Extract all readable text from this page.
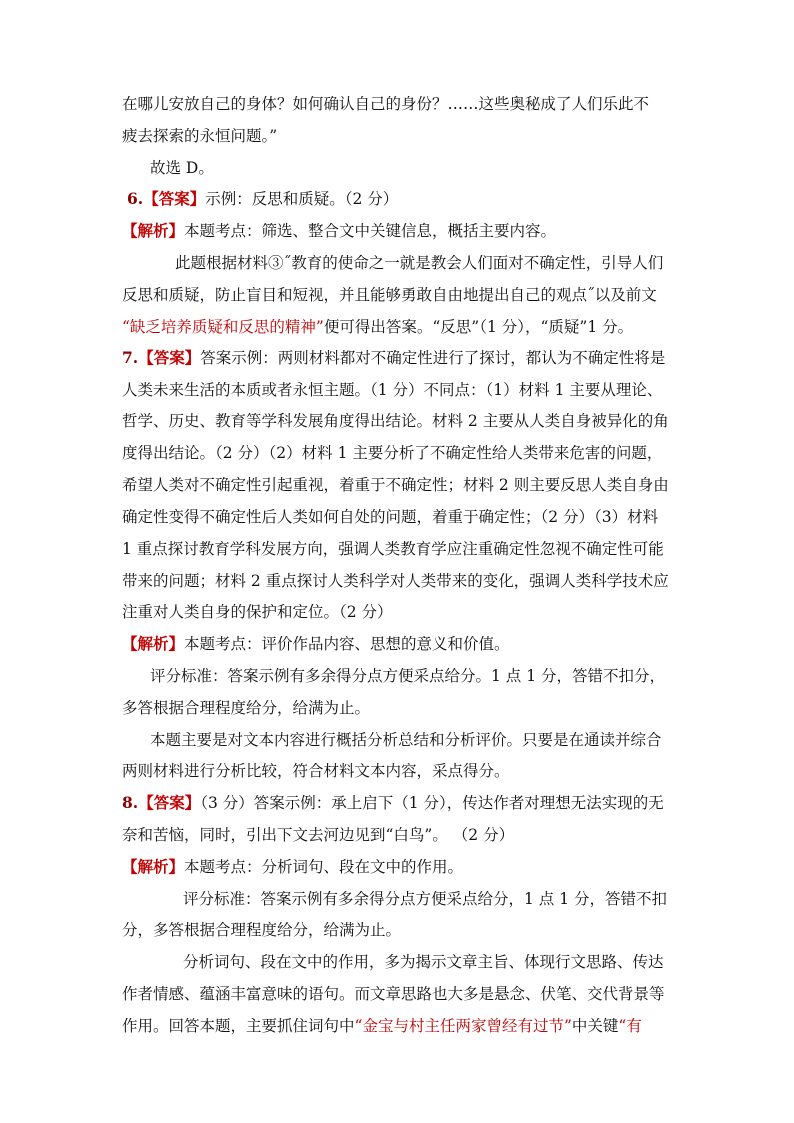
在哪儿安放自己的身体？如何确认自己的身份？……这些奥秘成了人们乐此不
疲去探索的永恒问题。”
故选 D。
6.【答案】示例：反思和质疑。（2 分）
【解析】本题考点：筛选、整合文中关键信息，概括主要内容。
此题根据材料③˝教育的使命之一就是教会人们面对不确定性，引导人们
反思和质疑，防止盲目和短视，并且能够勇敢自由地提出自己的观点˝以及前文
“缺乏培养质疑和反思的精神”便可得出答案。“反思”（1 分），“质疑”1 分。
7.【答案】答案示例：两则材料都对不确定性进行了探讨，都认为不确定性将是
人类未来生活的本质或者永恒主题。（1 分）不同点：（1）材料 1 主要从理论、
哲学、历史、教育等学科发展角度得出结论。材料 2 主要从人类自身被异化的角
度得出结论。（2 分）（2）材料 1 主要分析了不确定性给人类带来危害的问题，
希望人类对不确定性引起重视，着重于不确定性；材料 2 则主要反思人类自身由
确定性变得不确定性后人类如何自处的问题，着重于确定性；（2 分）（3）材料
1 重点探讨教育学科发展方向，强调人类教育学应注重确定性忽视不确定性可能
带来的问题；材料 2 重点探讨人类科学对人类带来的变化，强调人类科学技术应
注重对人类自身的保护和定位。（2 分）
【解析】本题考点：评价作品内容、思想的意义和价值。
评分标准：答案示例有多余得分点方便采点给分。1 点 1 分，答错不扣分，
多答根据合理程度给分，给满为止。
本题主要是对文本内容进行概括分析总结和分析评价。只要是在通读并综合
两则材料进行分析比较，符合材料文本内容，采点得分。
8.【答案】（3 分）答案示例：承上启下（1 分），传达作者对理想无法实现的无
奈和苦恼，同时，引出下文去河边见到“白鸟”。 （2 分）
【解析】本题考点：分析词句、段在文中的作用。
评分标准：答案示例有多余得分点方便采点给分，1 点 1 分，答错不扣
分，多答根据合理程度给分，给满为止。
分析词句、段在文中的作用，多为揭示文章主旨、体现行文思路、传达
作者情感、蕴涵丰富意味的语句。而文章思路也大多是悬念、伏笔、交代背景等
作用。回答本题，主要抓住词句中“金宝与村主任两家曾经有过节”中关键“有
